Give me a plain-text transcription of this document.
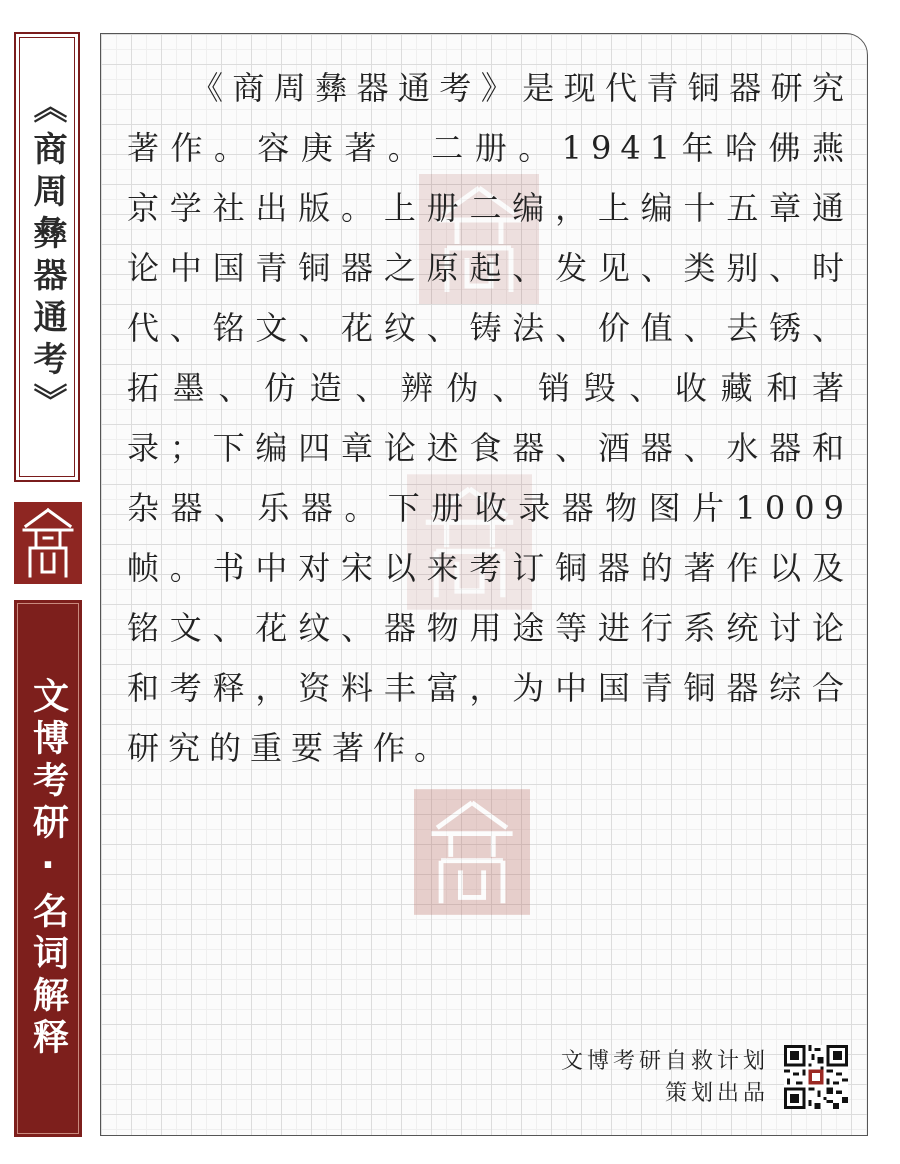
《商周彝器通考》
文博考研·名词解释
《商周彝器通考》是现代青铜器研究著作。容庚著。二册。1941年哈佛燕京学社出版。上册二编，上编十五章通论中国青铜器之原起、发见、类别、时代、铭文、花纹、铸法、价值、去锈、拓墨、仿造、辨伪、销毁、收藏和著录；下编四章论述食器、酒器、水器和杂器、乐器。下册收录器物图片1009帧。书中对宋以来考订铜器的著作以及铭文、花纹、器物用途等进行系统讨论和考释，资料丰富，为中国青铜器综合研究的重要著作。
文博考研自救计划
策划出品
